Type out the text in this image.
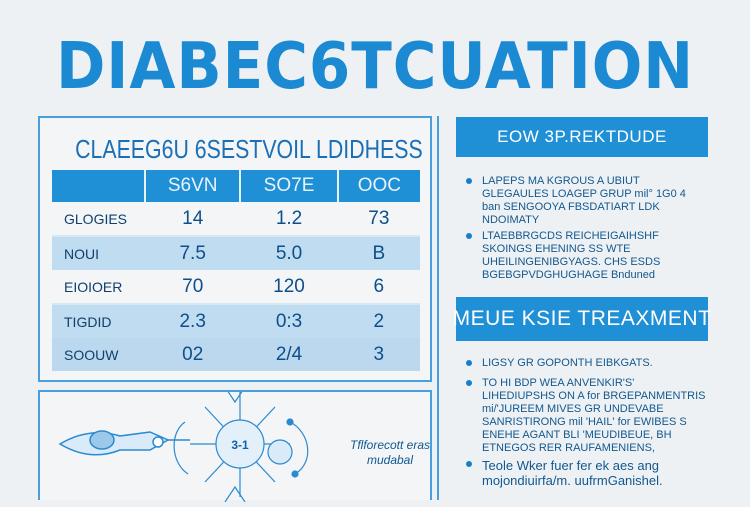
DIABEC6TCUATION
CLAEEG6U 6SESTVOIL LDIDHESS
	S6VN	SO7E	OOC
GLOGIES	14	1.2	73
NOUI	7.5	5.0	B
EIOIOER	70	120	6
TIGDID	2.3	0:3	2
SOOUW	02	2/4	3
EOW 3P.REKTDUDE
LAPEPS MA KGROUS A UBIUT GLEGAULES LOAGEP GRUP mil° 1G0 4 ban SENGOOYA FBSDATIART LDK NDOIMATY
LTAEBBRGCDS REICHEIGAIHSHF SKOINGS EHENING SS WTE UHEILINGENIBGYAGS. CHS ESDS BGEBGPVDGHUGHAGE Bnduned
MEUE KSIE TREAXMENT
LIGSY GR GOPONTH EIBKGATS.
TO HI BDP WEA ANVENKIR'S' LIHEDIUPSHS ON A for BRGEPANMENTRIS mi/'JUREEM MIVES GR UNDEVABE SANRISTIRONG mil 'HAIL' for EWIBES S ENEHE AGANT BLI 'MEUDIBEUE, BH ETNEGOS RER RAUFAMENIENS,
Teole Wker fuer fer ek aes ang mojondiuirfa/m. uufrmGanishel.
3-1	Tflforecott eras mudabal
